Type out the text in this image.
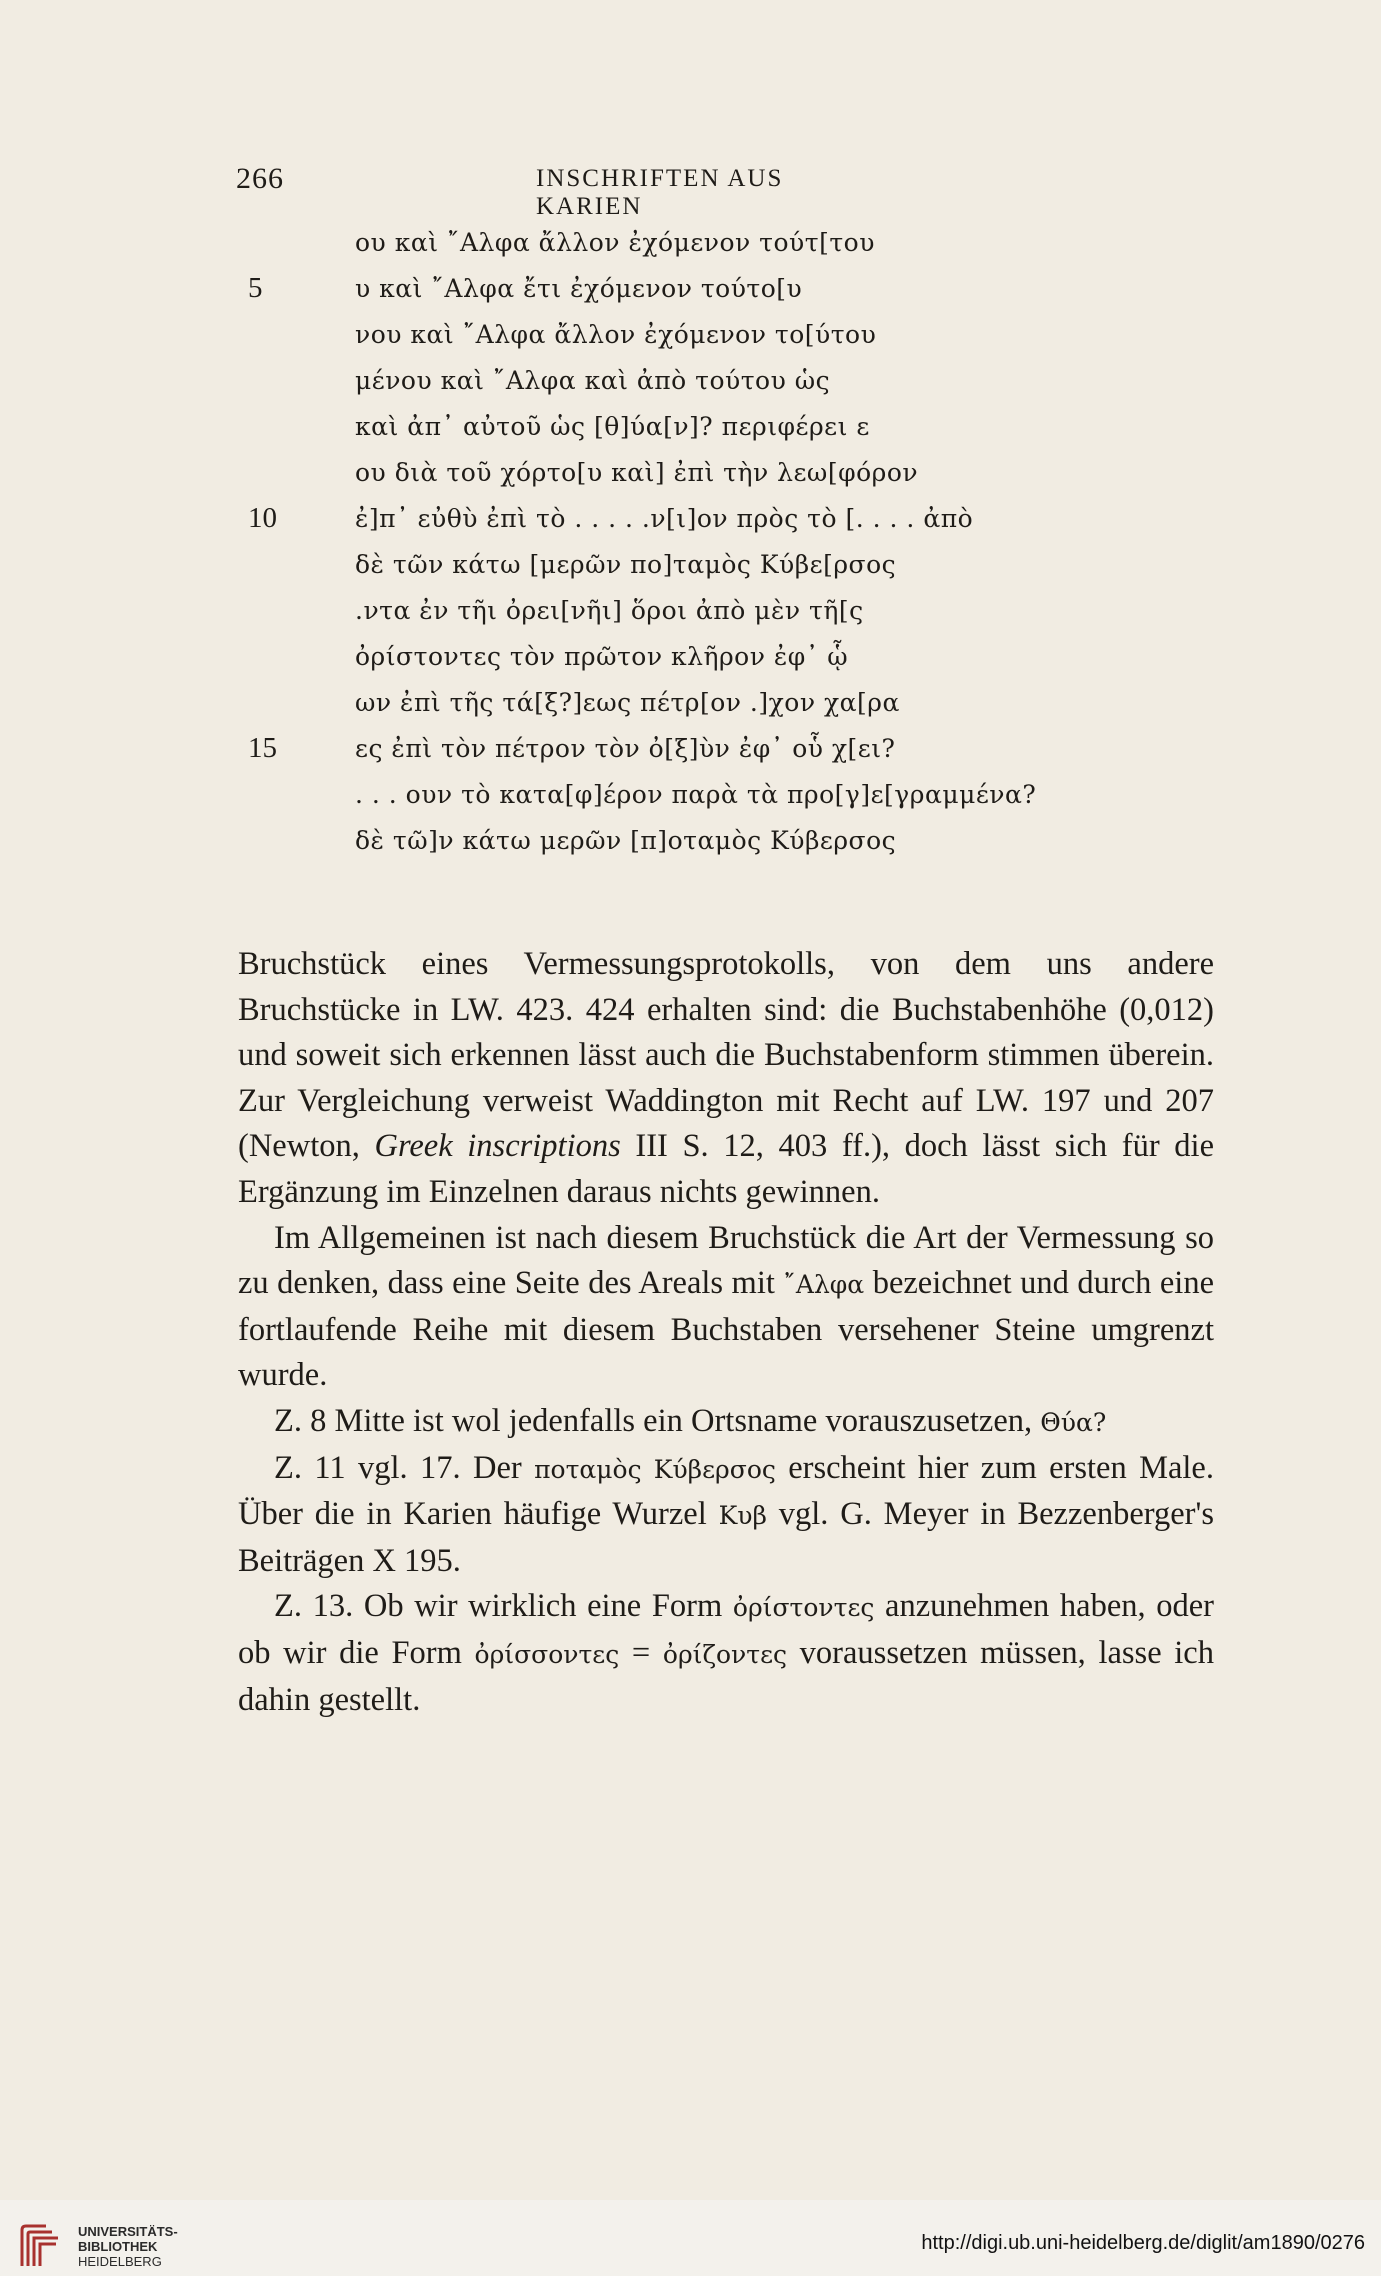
266	INSCHRIFTEN AUS KARIEN
ου καὶ ῎Αλφα ἄλλον ἐχόμενον τούτ[του
5	υ καὶ ῎Αλφα ἔτι ἐχόμενον τούτο[υ
νου καὶ ῎Αλφα ἄλλον ἐχόμενον το[ύτου
μένου καὶ ῎Αλφα καὶ ἀπὸ τούτου ὡς
καὶ ἀπ᾽ αὐτοῦ ὡς [θ]ύα[ν]? περιφέρει ε
ου διὰ τοῦ χόρτο[υ καὶ] ἐπὶ τὴν λεω[φόρον
10	ἐ]π᾽ εὐθὺ ἐπὶ τὸ . . . . .ν[ι]ον πρὸς τὸ [. . . . ἀπὸ
δὲ τῶν κάτω [μερῶν πο]ταμὸς Κύβε[ρσος
.ντα ἐν τῆι ὀρει[νῆι] ὅροι ἀπὸ μὲν τῆ[ς
ὀρίστοντες τὸν πρῶτον κλῆρον ἐφ᾽ ᾧ
ων ἐπὶ τῆς τά[ξ?]εως πέτρ[ον .]χον χα[ρα
15	ες ἐπὶ τὸν πέτρον τὸν ὀ[ξ]ὺν ἐφ᾽ οὗ χ[ει?
. . . ουν τὸ κατα[φ]έρον παρὰ τὰ προ[γ]ε[γραμμένα?
δὲ τῶ]ν κάτω μερῶν [π]οταμὸς Κύβερσος

Bruchstück eines Vermessungsprotokolls, von dem uns andere Bruchstücke in LW. 423. 424 erhalten sind: die Buchstabenhöhe (0,012) und soweit sich erkennen lässt auch die Buchstabenform stimmen überein. Zur Vergleichung verweist Waddington mit Recht auf LW. 197 und 207 (Newton, Greek inscriptions III S. 12, 403 ff.), doch lässt sich für die Ergänzung im Einzelnen daraus nichts gewinnen.

Im Allgemeinen ist nach diesem Bruchstück die Art der Vermessung so zu denken, dass eine Seite des Areals mit ῎Αλφα bezeichnet und durch eine fortlaufende Reihe mit diesem Buchstaben versehener Steine umgrenzt wurde.

Z. 8 Mitte ist wol jedenfalls ein Ortsname vorauszusetzen, Θύα?

Z. 11 vgl. 17. Der ποταμὸς Κύβερσος erscheint hier zum ersten Male. Über die in Karien häufige Wurzel Κυβ vgl. G. Meyer in Bezzenberger's Beiträgen X 195.

Z. 13. Ob wir wirklich eine Form ὀρίστοντες anzunehmen haben, oder ob wir die Form ὀρίσσοντες = ὀρίζοντες voraussetzen müssen, lasse ich dahin gestellt.

UNIVERSITÄTS-
BIBLIOTHEK
HEIDELBERG
http://digi.ub.uni-heidelberg.de/diglit/am1890/0276
